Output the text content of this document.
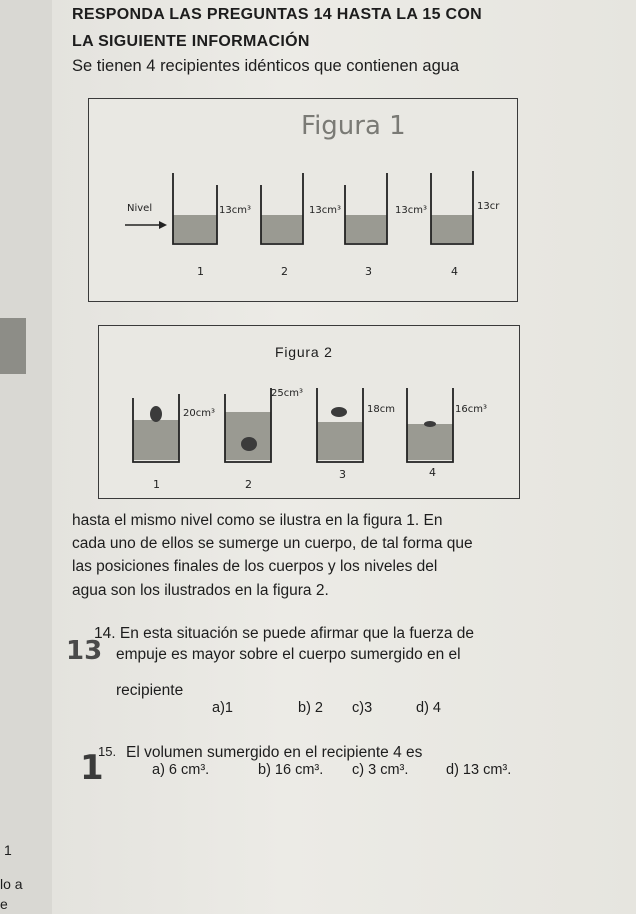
RESPONDA LAS PREGUNTAS 14 HASTA LA 15 CON
LA SIGUIENTE INFORMACIÓN
Se tienen 4 recipientes idénticos que contienen agua
Figura 1
Nivel	13cm³
1
13cm³
2
13cm³
3
13cr
4
Figura 2
20cm³
1
25cm³
2
18cm
3
16cm³
4
hasta el mismo nivel como se ilustra en la figura 1. En
cada uno de ellos se sumerge un cuerpo, de tal forma que
las posiciones finales de los cuerpos y los niveles del
agua son los ilustrados en la figura 2.
13
14. En esta situación se puede afirmar que la fuerza de
empuje es mayor sobre el cuerpo sumergido en el
recipiente
a)1	b) 2 c)3	d) 4
1
15. El volumen sumergido en el recipiente 4 es
a) 6 cm³.	b) 16 cm³. c) 3 cm³.	d) 13 cm³.
1
lo a
e
